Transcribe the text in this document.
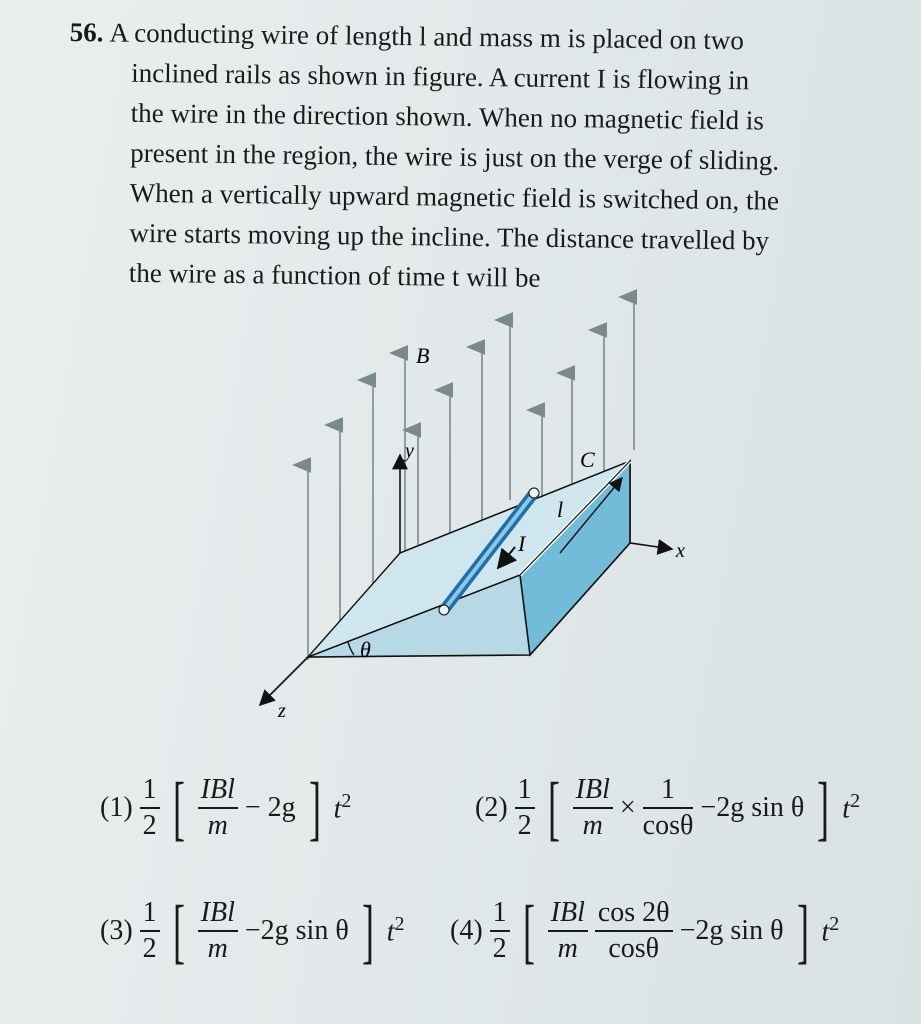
56. A conducting wire of length l and mass m is placed on two
inclined rails as shown in figure. A current I is flowing in
the wire in the direction shown. When no magnetic field is
present in the region, the wire is just on the verge of sliding.
When a vertically upward magnetic field is switched on, the
wire starts moving up the incline. The distance travelled by
the wire as a function of time t will be
B
y	C
l
I	x
z
θ
$(1) \frac{1}{2}$ [ $\frac{\text{IBl}}{m} - 2g$ ] $t^2$	$(2) \frac{1}{2}$ [ $\frac{\text{IBl}}{m} \times \frac{1}{\cos\theta} -2g$ sin θ ] $t^2$
$(3) \frac{1}{2}$ [ $\frac{\text{IBl}}{m} -2g$ sin θ ] $t^2$ $(4) \frac{1}{2}$ [ $\frac{\text{IBl}}{m}$
$\frac{\cos 2\theta}{\cos\theta} -2g$ sin θ ] $t^2$
